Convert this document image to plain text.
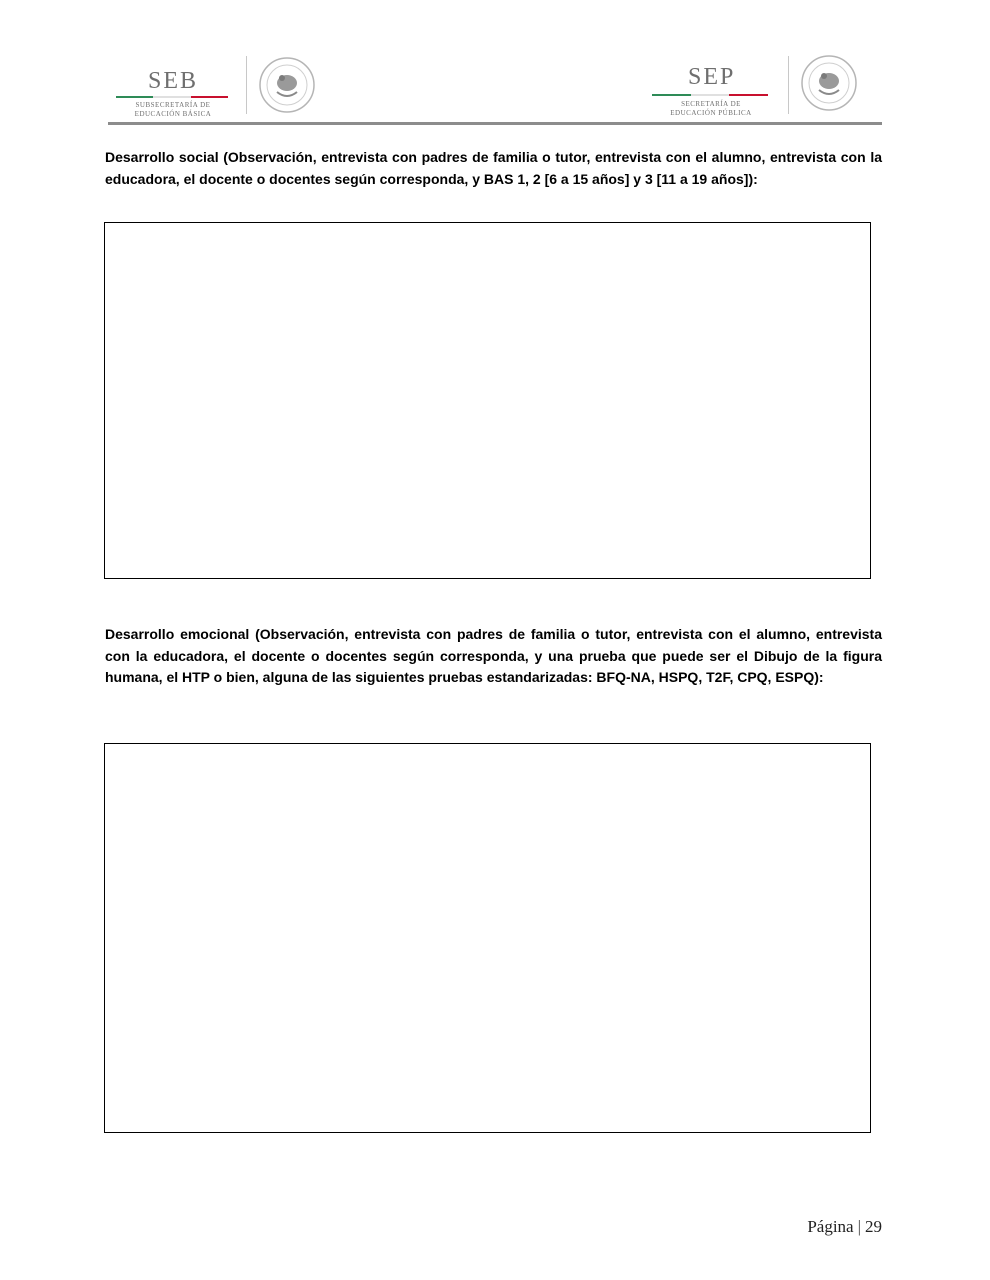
SEB
SUBSECRETARÍA DE
EDUCACIÓN BÁSICA
SEP
SECRETARÍA DE
EDUCACIÓN PÚBLICA
Desarrollo social (Observación, entrevista con padres de familia o tutor, entrevista con el alumno, entrevista con la educadora, el docente o docentes según corresponda, y BAS 1, 2 [6 a 15 años] y 3 [11 a 19 años]):
Desarrollo emocional (Observación, entrevista con padres de familia o tutor, entrevista con el alumno, entrevista con la educadora, el docente o docentes según corresponda, y una prueba que puede ser el Dibujo de la figura humana, el HTP o bien, alguna de las siguientes pruebas estandarizadas: BFQ-NA, HSPQ, T2F, CPQ, ESPQ):
Página | 29
